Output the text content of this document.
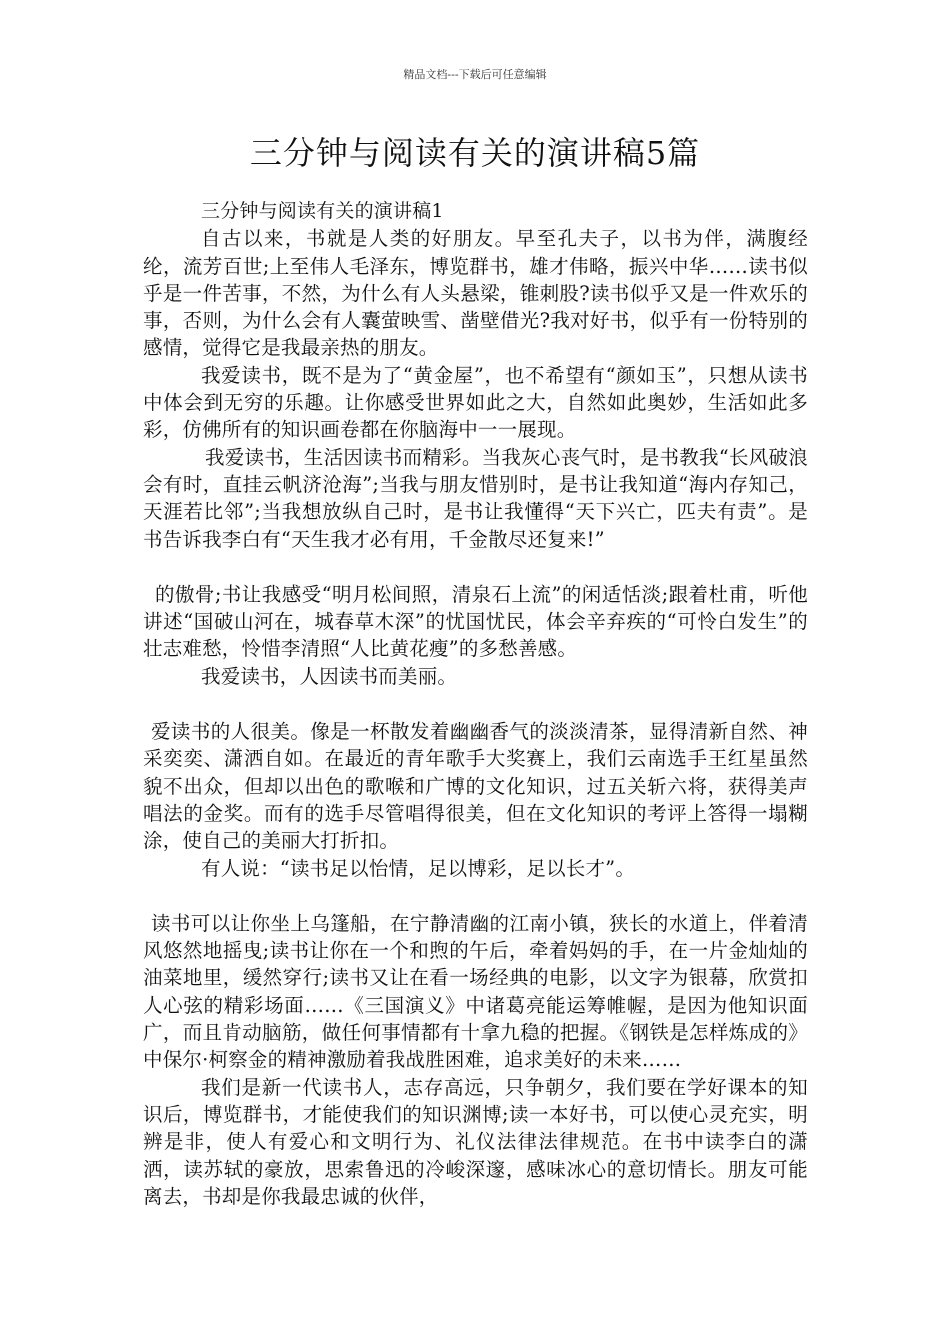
精品文档---下载后可任意编辑
三分钟与阅读有关的演讲稿5篇

三分钟与阅读有关的演讲稿1

自古以来，书就是人类的好朋友。早至孔夫子，以书为伴，满腹经纶，流芳百世;上至伟人毛泽东，博览群书，雄才伟略，振兴中华……读书似乎是一件苦事，不然，为什么有人头悬梁，锥刺股?读书似乎又是一件欢乐的事，否则，为什么会有人囊萤映雪、凿壁借光?我对好书，似乎有一份特别的感情，觉得它是我最亲热的朋友。

我爱读书，既不是为了“黄金屋”，也不希望有“颜如玉”，只想从读书中体会到无穷的乐趣。让你感受世界如此之大，自然如此奥妙，生活如此多彩，仿佛所有的知识画卷都在你脑海中一一展现。

我爱读书，生活因读书而精彩。当我灰心丧气时，是书教我“长风破浪会有时，直挂云帆济沧海”;当我与朋友惜别时，是书让我知道“海内存知己，天涯若比邻”;当我想放纵自己时，是书让我懂得“天下兴亡，匹夫有责”。是书告诉我李白有“天生我才必有用，千金散尽还复来!”

的傲骨;书让我感受“明月松间照，清泉石上流”的闲适恬淡;跟着杜甫，听他讲述“国破山河在，城春草木深”的忧国忧民，体会辛弃疾的“可怜白发生”的壮志难愁，怜惜李清照“人比黄花瘦”的多愁善感。

我爱读书，人因读书而美丽。

爱读书的人很美。像是一杯散发着幽幽香气的淡淡清茶，显得清新自然、神采奕奕、潇洒自如。在最近的青年歌手大奖赛上，我们云南选手王红星虽然貌不出众，但却以出色的歌喉和广博的文化知识，过五关斩六将，获得美声唱法的金奖。而有的选手尽管唱得很美，但在文化知识的考评上答得一塌糊涂，使自己的美丽大打折扣。

有人说：“读书足以怡情，足以博彩，足以长才”。

读书可以让你坐上乌篷船，在宁静清幽的江南小镇，狭长的水道上，伴着清风悠然地摇曳;读书让你在一个和煦的午后，牵着妈妈的手，在一片金灿灿的油菜地里，缓然穿行;读书又让在看一场经典的电影，以文字为银幕，欣赏扣人心弦的精彩场面……《三国演义》中诸葛亮能运筹帷幄，是因为他知识面广，而且肯动脑筋，做任何事情都有十拿九稳的把握。《钢铁是怎样炼成的》中保尔·柯察金的精神激励着我战胜困难，追求美好的未来……

我们是新一代读书人，志存高远，只争朝夕，我们要在学好课本的知识后，博览群书，才能使我们的知识渊博;读一本好书，可以使心灵充实，明辨是非，使人有爱心和文明行为、礼仪法律法律规范。在书中读李白的潇洒，读苏轼的豪放，思索鲁迅的冷峻深邃，感味冰心的意切情长。朋友可能离去，书却是你我最忠诚的伙伴，
